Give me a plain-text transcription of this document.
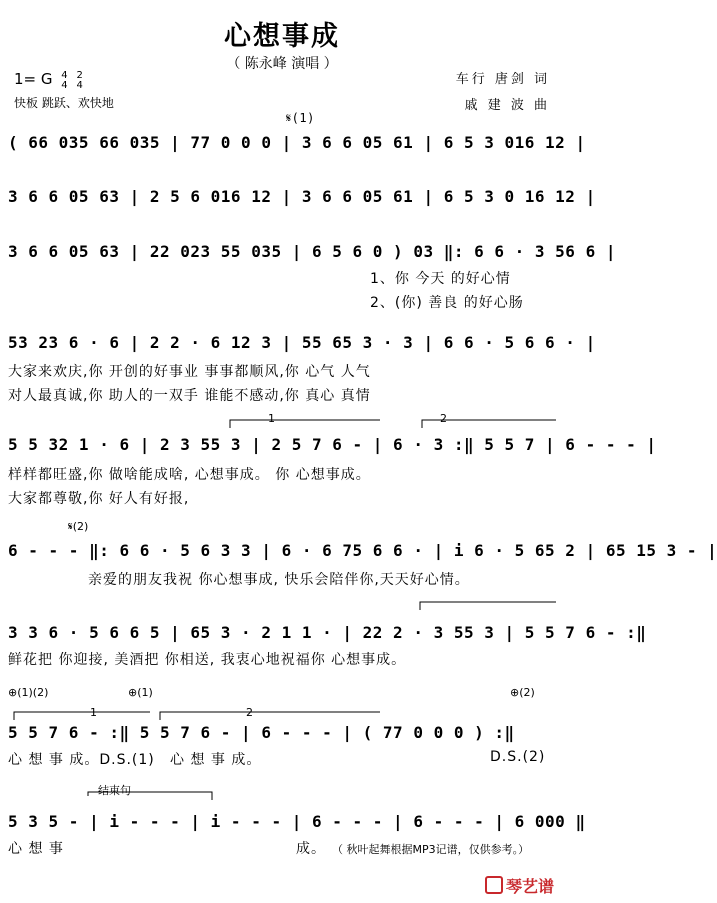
心想事成
（ 陈永峰 演唱 ）
1= G 4
4 2
4
快板 跳跃、欢快地
车行 唐剑 词
戚 建 波 曲
𝄋(1)
( 66 035 66 035 | 77 0 0 0 | 3 6 6 05 61 | 6 5 3 016 12 |
3 6 6 05 63 | 2 5 6 016 12 | 3 6 6 05 61 | 6 5 3 0 16 12 |
3 6 6 05 63 | 22 023 55 035 | 6 5 6 0 ) 03 ‖: 6 6 · 3 56 6 |
1、你 今天 的好心情
2、(你) 善良 的好心肠
53 23 6 · 6 | 2 2 · 6 12 3 | 55 65 3 · 3 | 6 6 · 5 6 6 · |
大家来欢庆,你 开创的好事业 事事都顺风,你 心气 人气
对人最真诚,你 助人的一双手 谁能不感动,你 真心 真情
1	2
5 5 32 1 · 6 | 2 3 55 3 | 2 5 7 6 - | 6 · 3 :‖ 5 5 7 | 6 - - - |
样样都旺盛,你 做啥能成啥, 心想事成。 你 心想事成。
大家都尊敬,你 好人有好报,
𝄋(2)
6 - - - ‖: 6 6 · 5 6 3 3 | 6 · 6 75 6 6 · | i 6 · 5 65 2 | 65 15 3 - |
亲爱的朋友我祝 你心想事成, 快乐会陪伴你,天天好心情。
3 3 6 · 5 6 6 5 | 65 3 · 2 1 1 · | 22 2 · 3 55 3 | 5 5 7 6 - :‖
鲜花把 你迎接, 美酒把 你相送, 我衷心地祝福你 心想事成。
⊕(1)(2)	⊕(1)	⊕(2)
1	2
5 5 7 6 - :‖ 5 5 7 6 - | 6 - - - | ( 77 0 0 0 ) :‖
心 想 事 成。D.S.(1) 心 想 事 成。	D.S.(2)
结束句
5 3 5 - | i - - - | i - - - | 6 - - - | 6 - - - | 6 000 ‖
心 想 事	成。 （ 秋叶起舞根据MP3记谱，仅供参考。）
琴艺谱
